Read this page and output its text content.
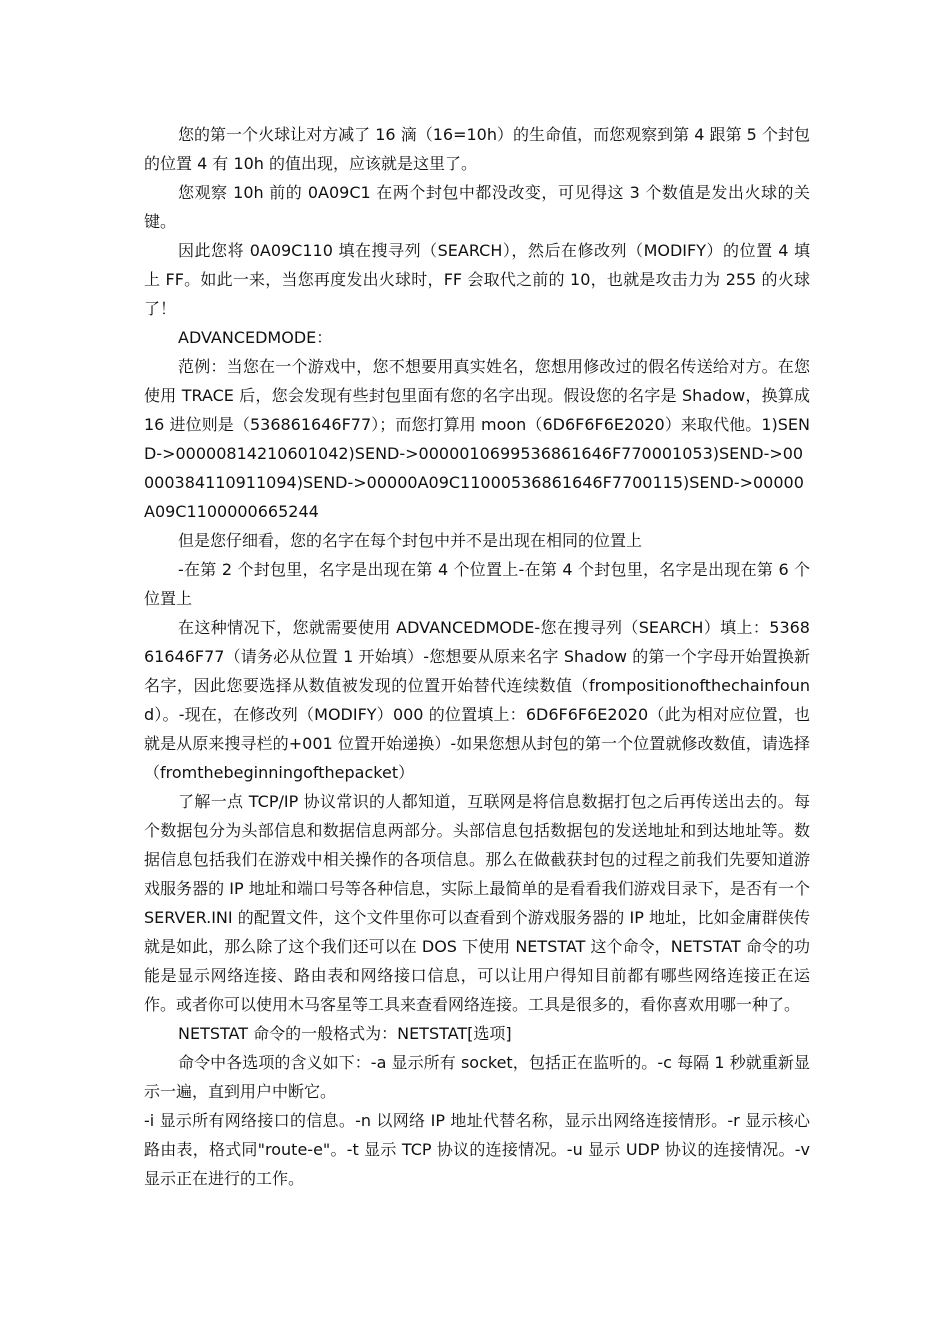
您的第一个火球让对方减了 16 滴（16=10h）的生命值，而您观察到第 4 跟第 5 个封包的位置 4 有 10h 的值出现，应该就是这里了。

您观察 10h 前的 0A09C1 在两个封包中都没改变，可见得这 3 个数值是发出火球的关键。

因此您将 0A09C110 填在搜寻列（SEARCH），然后在修改列（MODIFY）的位置 4 填上 FF。如此一来，当您再度发出火球时，FF 会取代之前的 10，也就是攻击力为 255 的火球了！

ADVANCEDMODE：

范例：当您在一个游戏中，您不想要用真实姓名，您想用修改过的假名传送给对方。在您使用 TRACE 后，您会发现有些封包里面有您的名字出现。假设您的名字是 Shadow，换算成 16 进位则是（536861646F77）；而您打算用 moon（6D6F6F6E2020）来取代他。1)SEND->00000814210601042)SEND->0000010699536861646F770001053)SEND->00000384110911094)SEND->00000A09C11000536861646F7700115)SEND->00000A09C1100000665244

但是您仔细看，您的名字在每个封包中并不是出现在相同的位置上

-在第 2 个封包里，名字是出现在第 4 个位置上-在第 4 个封包里，名字是出现在第 6 个位置上

在这种情况下，您就需要使用 ADVANCEDMODE-您在搜寻列（SEARCH）填上：536861646F77（请务必从位置 1 开始填）-您想要从原来名字 Shadow 的第一个字母开始置换新名字，因此您要选择从数值被发现的位置开始替代连续数值（frompositionofthechainfound）。-现在，在修改列（MODIFY）000 的位置填上：6D6F6F6E2020（此为相对应位置，也就是从原来搜寻栏的+001 位置开始递换）-如果您想从封包的第一个位置就修改数值，请选择（fromthebeginningofthepacket）

了解一点 TCP/IP 协议常识的人都知道，互联网是将信息数据打包之后再传送出去的。每个数据包分为头部信息和数据信息两部分。头部信息包括数据包的发送地址和到达地址等。数据信息包括我们在游戏中相关操作的各项信息。那么在做截获封包的过程之前我们先要知道游戏服务器的 IP 地址和端口号等各种信息，实际上最简单的是看看我们游戏目录下，是否有一个 SERVER.INI 的配置文件，这个文件里你可以查看到个游戏服务器的 IP 地址，比如金庸群侠传就是如此，那么除了这个我们还可以在 DOS 下使用 NETSTAT 这个命令，NETSTAT 命令的功能是显示网络连接、路由表和网络接口信息，可以让用户得知目前都有哪些网络连接正在运作。或者你可以使用木马客星等工具来查看网络连接。工具是很多的，看你喜欢用哪一种了。

NETSTAT 命令的一般格式为：NETSTAT[选项]

命令中各选项的含义如下：-a 显示所有 socket，包括正在监听的。-c 每隔 1 秒就重新显示一遍，直到用户中断它。

-i 显示所有网络接口的信息。-n 以网络 IP 地址代替名称，显示出网络连接情形。-r 显示核心路由表，格式同"route-e"。-t 显示 TCP 协议的连接情况。-u 显示 UDP 协议的连接情况。-v 显示正在进行的工作。
